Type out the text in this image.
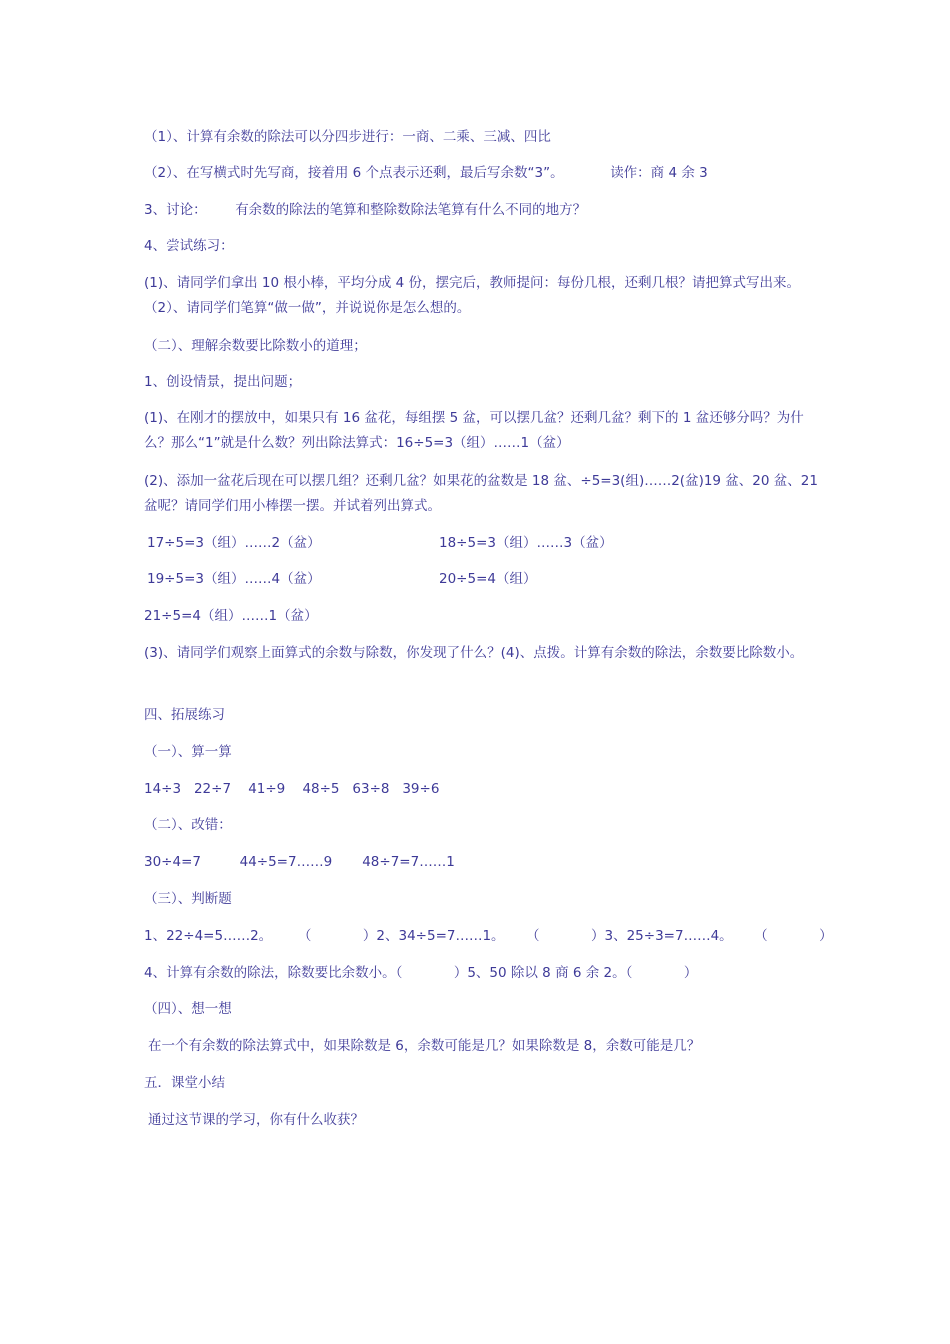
（1）、计算有余数的除法可以分四步进行：一商、二乘、三减、四比
（2）、在写横式时先写商，接着用 6 个点表示还剩，最后写余数“3”。	读作：商 4 余 3
3、讨论： 有余数的除法的笔算和整除数除法笔算有什么不同的地方？
4、尝试练习：
(1)、请同学们拿出 10 根小棒，平均分成 4 份，摆完后，教师提问：每份几根，还剩几根？请把算式写出来。
（2）、请同学们笔算“做一做”，并说说你是怎么想的。
（二）、理解余数要比除数小的道理；
1、创设情景，提出问题；
(1)、在刚才的摆放中，如果只有 16 盆花，每组摆 5 盆，可以摆几盆？还剩几盆？剩下的 1 盆还够分吗？为什么？那么“1”就是什么数？列出除法算式：16÷5=3（组）……1（盆）
(2)、添加一盆花后现在可以摆几组？还剩几盆？如果花的盆数是 18 盆、÷5=3(组)……2(盆)19 盆、20 盆、21 盆呢？请同学们用小棒摆一摆。并试着列出算式。
17÷5=3（组）……2（盆）	18÷5=3（组）……3（盆）
19÷5=3（组）……4（盆）	20÷5=4（组）
21÷5=4（组）……1（盆）
(3)、请同学们观察上面算式的余数与除数，你发现了什么？(4)、点拨。计算有余数的除法，余数要比除数小。
四、拓展练习
（一）、算一算
14÷3   22÷7    41÷9    48÷5   63÷8   39÷6
（二）、改错：
30÷4=7         44÷5=7……9       48÷7=7……1
（三）、判断题
1、22÷4=5……2。      （            ）2、34÷5=7……1。     （            ）3、25÷3=7……4。     （            ）
4、计算有余数的除法，除数要比余数小。（            ）5、50 除以 8 商 6 余 2。（            ）
（四）、想一想
在一个有余数的除法算式中，如果除数是 6，余数可能是几？如果除数是 8，余数可能是几？
五．课堂小结
通过这节课的学习，你有什么收获？
